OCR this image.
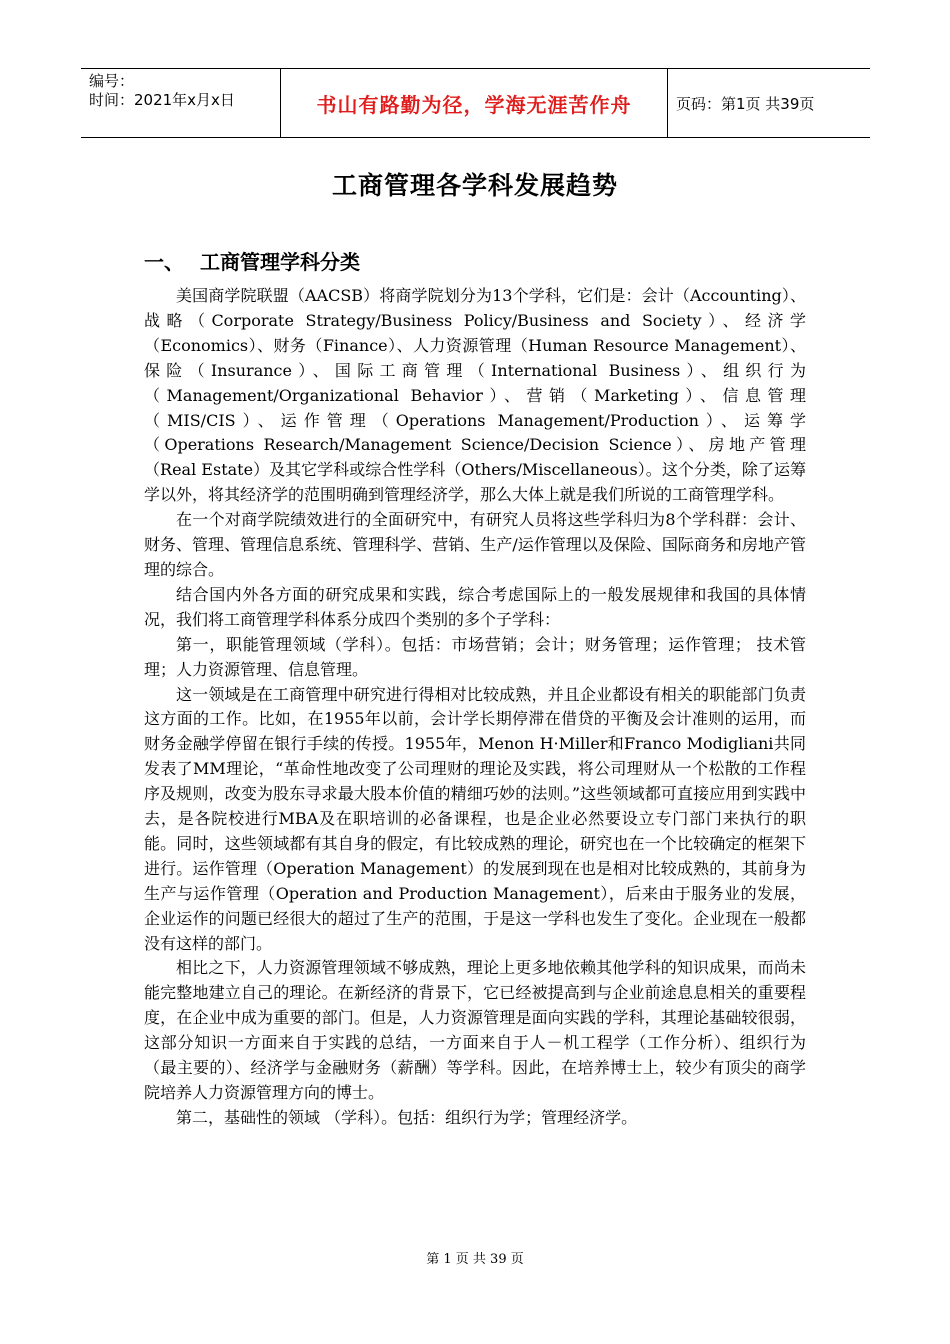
编号：
时间：2021年x月x日	书山有路勤为径，学海无涯苦作舟	页码：第1页 共39页
工商管理各学科发展趋势
一、 工商管理学科分类

美国商学院联盟（AACSB）将商学院划分为13个学科，它们是：会计（Accounting）、战略（Corporate Strategy/Business Policy/Business and Society）、经济学（Economics）、财务（Finance）、人力资源管理（Human Resource Management）、保险（Insurance）、国际工商管理（International Business）、组织行为（Management/Organizational Behavior）、营销（Marketing）、信息管理（MIS/CIS）、运作管理（Operations Management/Production）、运筹学（Operations Research/Management Science/Decision Science）、房地产管理（Real Estate）及其它学科或综合性学科（Others/Miscellaneous）。这个分类，除了运筹学以外，将其经济学的范围明确到管理经济学，那么大体上就是我们所说的工商管理学科。

在一个对商学院绩效进行的全面研究中，有研究人员将这些学科归为8个学科群：会计、财务、管理、管理信息系统、管理科学、营销、生产/运作管理以及保险、国际商务和房地产管理的综合。

结合国内外各方面的研究成果和实践，综合考虑国际上的一般发展规律和我国的具体情况，我们将工商管理学科体系分成四个类别的多个子学科：

第一，职能管理领域（学科）。包括：市场营销；会计；财务管理；运作管理； 技术管理；人力资源管理、信息管理。

这一领域是在工商管理中研究进行得相对比较成熟，并且企业都设有相关的职能部门负责这方面的工作。比如，在1955年以前，会计学长期停滞在借贷的平衡及会计准则的运用，而财务金融学停留在银行手续的传授。1955年，Menon H·Miller和Franco Modigliani共同发表了MM理论，“革命性地改变了公司理财的理论及实践，将公司理财从一个松散的工作程序及规则，改变为股东寻求最大股本价值的精细巧妙的法则。”这些领域都可直接应用到实践中去，是各院校进行MBA及在职培训的必备课程，也是企业必然要设立专门部门来执行的职能。同时，这些领域都有其自身的假定，有比较成熟的理论，研究也在一个比较确定的框架下进行。运作管理（Operation Management）的发展到现在也是相对比较成熟的，其前身为生产与运作管理（Operation and Production Management），后来由于服务业的发展，企业运作的问题已经很大的超过了生产的范围，于是这一学科也发生了变化。企业现在一般都没有这样的部门。

相比之下，人力资源管理领域不够成熟，理论上更多地依赖其他学科的知识成果，而尚未能完整地建立自己的理论。在新经济的背景下，它已经被提高到与企业前途息息相关的重要程度，在企业中成为重要的部门。但是，人力资源管理是面向实践的学科，其理论基础较很弱，这部分知识一方面来自于实践的总结，一方面来自于人－机工程学（工作分析）、组织行为（最主要的）、经济学与金融财务（薪酬）等学科。因此，在培养博士上，较少有顶尖的商学院培养人力资源管理方向的博士。

第二，基础性的领域 （学科）。包括：组织行为学；管理经济学。

第 1 页 共 39 页
